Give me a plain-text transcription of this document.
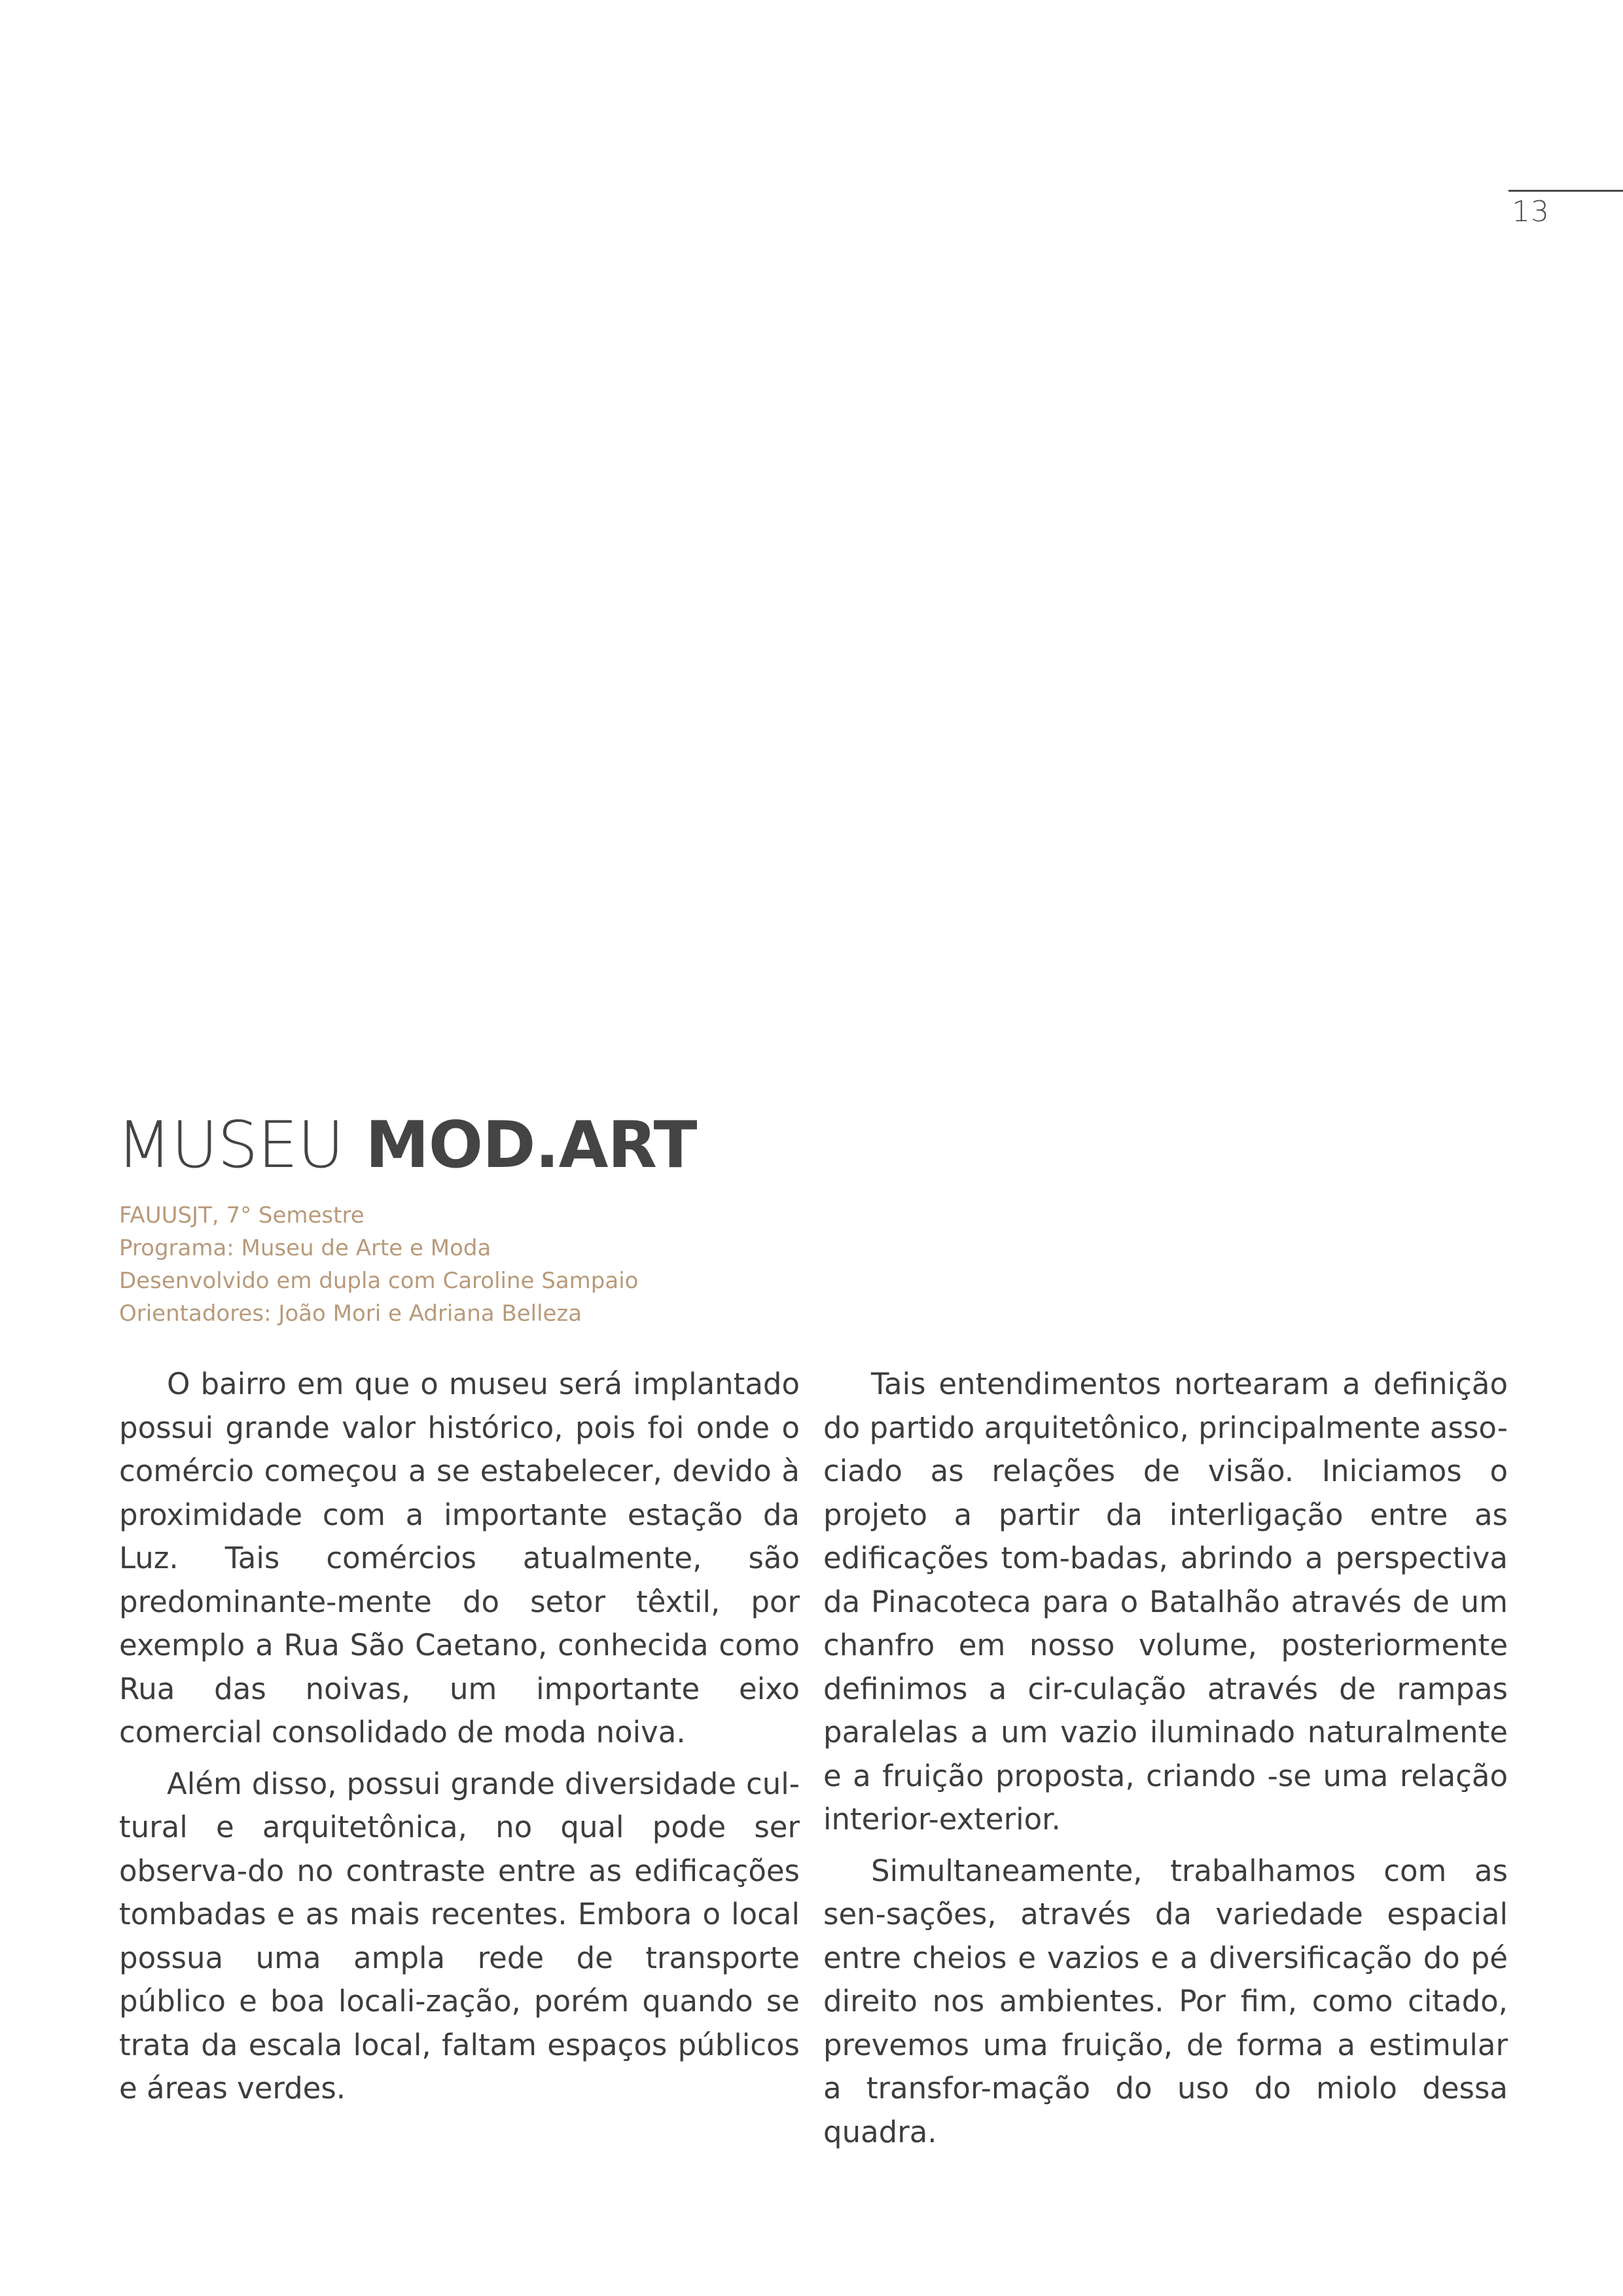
13
MUSEU MOD.ART
FAUUSJT, 7° Semestre
Programa: Museu de Arte e Moda
Desenvolvido em dupla com Caroline Sampaio
Orientadores: João Mori e Adriana Belleza

O bairro em que o museu será implantado possui grande valor histórico, pois foi onde o comércio começou a se estabelecer, devido à proximidade com a importante estação da Luz. Tais comércios atualmente, são predominante-mente do setor têxtil, por exemplo a Rua São Caetano, conhecida como Rua das noivas, um importante eixo comercial consolidado de moda noiva.

Além disso, possui grande diversidade cul-tural e arquitetônica, no qual pode ser observa-do no contraste entre as edificações tombadas e as mais recentes. Embora o local possua uma ampla rede de transporte público e boa locali-zação, porém quando se trata da escala local, faltam espaços públicos e áreas verdes.

Tais entendimentos nortearam a definição do partido arquitetônico, principalmente asso-ciado as relações de visão. Iniciamos o projeto a partir da interligação entre as edificações tom-badas, abrindo a perspectiva da Pinacoteca para o Batalhão através de um chanfro em nosso volume, posteriormente definimos a cir-culação através de rampas paralelas a um vazio iluminado naturalmente e a fruição proposta, criando -se uma relação interior-exterior.

Simultaneamente, trabalhamos com as sen-sações, através da variedade espacial entre cheios e vazios e a diversificação do pé direito nos ambientes. Por fim, como citado, prevemos uma fruição, de forma a estimular a transfor-mação do uso do miolo dessa quadra.
